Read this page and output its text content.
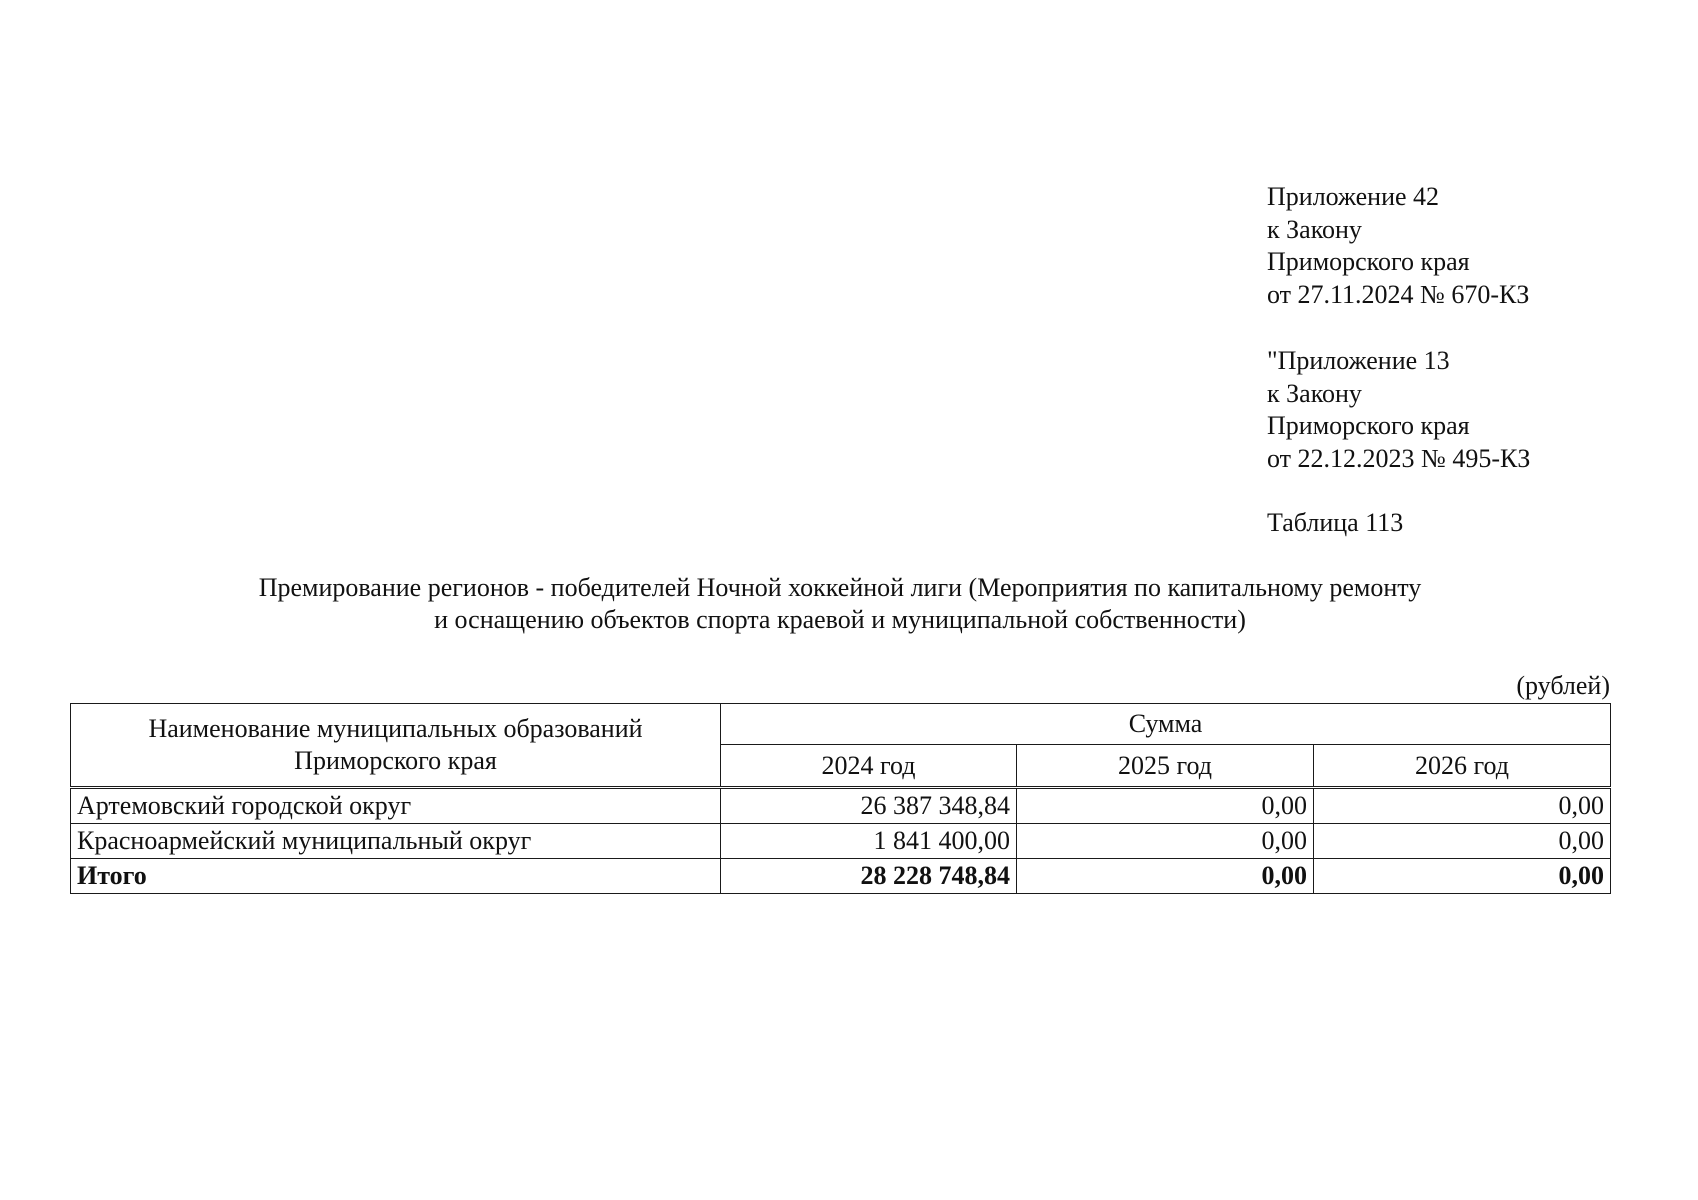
Приложение 42
к Закону
Приморского края
от 27.11.2024 № 670-КЗ
"Приложение 13
к Закону
Приморского края
от 22.12.2023 № 495-КЗ
Таблица 113
Премирование регионов - победителей Ночной хоккейной лиги (Мероприятия по капитальному ремонту
и оснащению объектов спорта краевой и муниципальной собственности)
(рублей)
Наименование муниципальных образований
Приморского края	Сумма		
	2024 год	2025 год	2026 год
Артемовский городской округ	26 387 348,84	0,00	0,00
Красноармейский муниципальный округ	1 841 400,00	0,00	0,00
Итого	28 228 748,84	0,00	0,00
